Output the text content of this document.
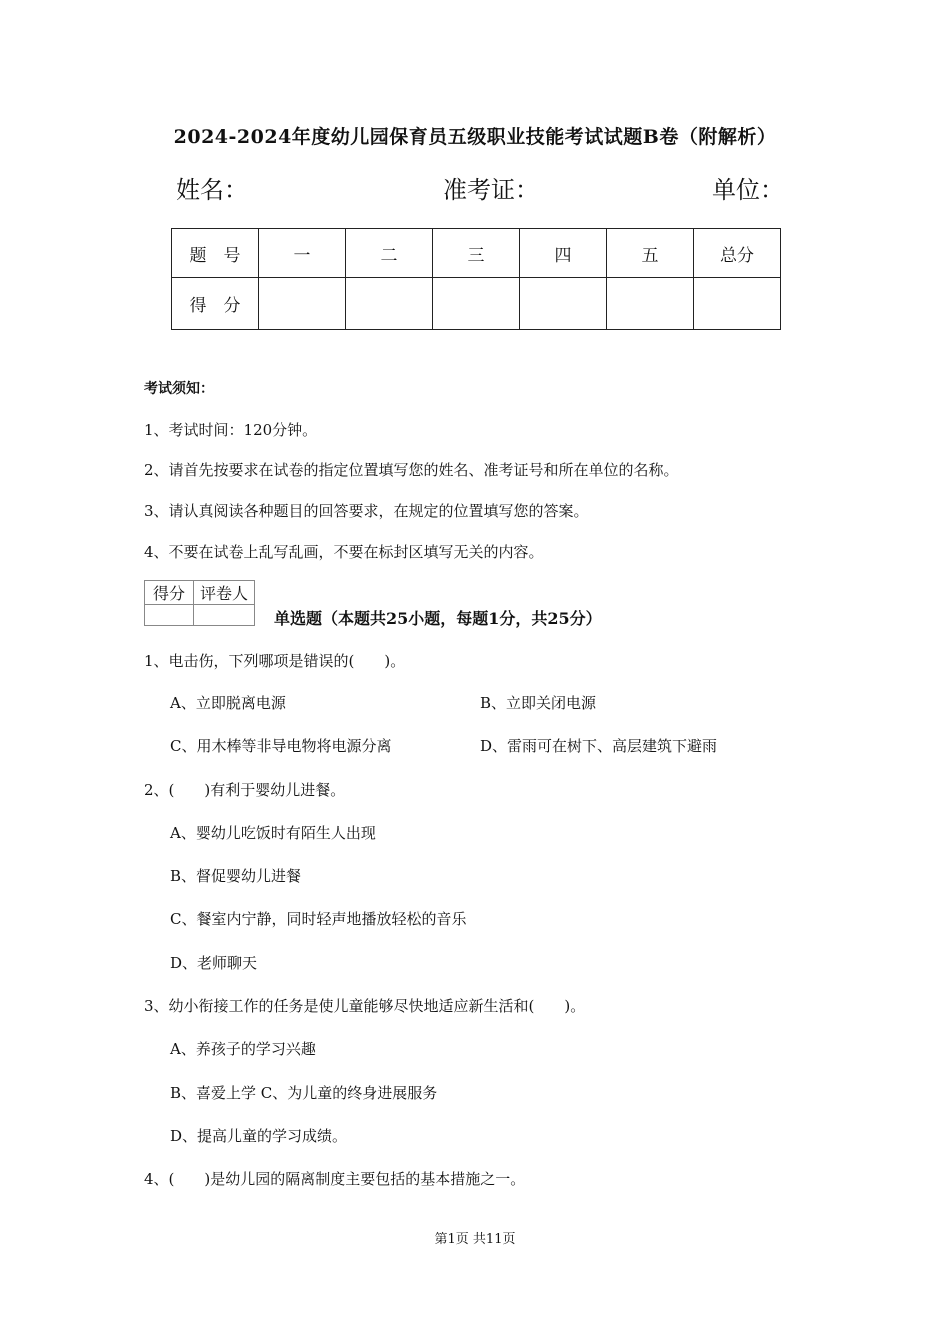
2024-2024年度幼儿园保育员五级职业技能考试试题B卷（附解析）
姓名：	准考证：	单位：
题　号	一	二	三	四	五	总分
得　分						
考试须知：
1、考试时间：120分钟。
2、请首先按要求在试卷的指定位置填写您的姓名、准考证号和所在单位的名称。
3、请认真阅读各种题目的回答要求，在规定的位置填写您的答案。
4、不要在试卷上乱写乱画，不要在标封区填写无关的内容。
得分	评卷人

单选题（本题共25小题，每题1分，共25分）
1、电击伤，下列哪项是错误的(　　)。
A、立即脱离电源	B、立即关闭电源
C、用木棒等非导电物将电源分离	D、雷雨可在树下、高层建筑下避雨
2、(　　)有利于婴幼儿进餐。
A、婴幼儿吃饭时有陌生人出现
B、督促婴幼儿进餐
C、餐室内宁静，同时轻声地播放轻松的音乐
D、老师聊天
3、幼小衔接工作的任务是使儿童能够尽快地适应新生活和(　　)。
A、养孩子的学习兴趣
B、喜爱上学 C、为儿童的终身进展服务
D、提高儿童的学习成绩。
4、(　　)是幼儿园的隔离制度主要包括的基本措施之一。
第1页 共11页
